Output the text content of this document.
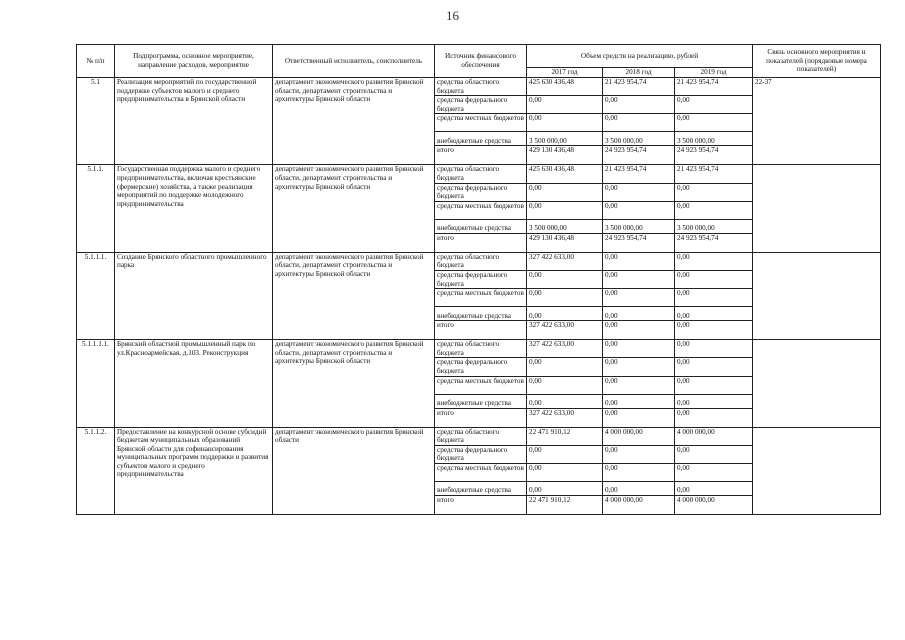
16
№ п/п	Подпрограмма, основное мероприятие, направление расходов, мероприятие	Ответственный исполнитель, соисполнитель	Источник финансового обеспечения	Объем средств на реализацию, рублей			Связь основного мероприятия и показателей (порядковые номера показателей)
				2017 год	2018 год	2019 год	
5.1	Реализация мероприятий по государственной поддержке субъектов малого и среднего предпринимательства в Брянской области	департамент экономического развития Брянской области, департамент строительства и архитектуры Брянской области	средства областного бюджета	425 630 436,48	21 423 954,74	21 423 954,74	22-37
			средства федерального бюджета	0,00	0,00	0,00	
			средства местных бюджетов	0,00	0,00	0,00	
			внебюджетные средства	3 500 000,00	3 500 000,00	3 500 000,00	
			итого	429 130 436,48	24 923 954,74	24 923 954,74	
5.1.1.	Государственная поддержка малого и среднего предпринимательства, включая крестьянские (фермерские) хозяйства, а также реализация мероприятий по поддержке молодежного предпринимательства	департамент экономического развития Брянской области, департамент строительства и архитектуры Брянской области	средства областного бюджета	425 630 436,48	21 423 954,74	21 423 954,74	
			средства федерального бюджета	0,00	0,00	0,00	
			средства местных бюджетов	0,00	0,00	0,00	
			внебюджетные средства	3 500 000,00	3 500 000,00	3 500 000,00	
			итого	429 130 436,48	24 923 954,74	24 923 954,74	
5.1.1.1.	Создание Брянского областного промышленного парка	департамент экономического развития Брянской области, департамент строительства и архитектуры Брянской области	средства областного бюджета	327 422 633,00	0,00	0,00	
			средства федерального бюджета	0,00	0,00	0,00	
			средства местных бюджетов	0,00	0,00	0,00	
			внебюджетные средства	0,00	0,00	0,00	
			итого	327 422 633,00	0,00	0,00	
5.1.1.1.1.	Брянский областной промышленный парк по ул.Красноармейская, д.103. Реконструкция	департамент экономического развития Брянской области, департамент строительства и архитектуры Брянской области	средства областного бюджета	327 422 633,00	0,00	0,00	
			средства федерального бюджета	0,00	0,00	0,00	
			средства местных бюджетов	0,00	0,00	0,00	
			внебюджетные средства	0,00	0,00	0,00	
			итого	327 422 633,00	0,00	0,00	
5.1.1.2.	Предоставление на конкурсной основе субсидий бюджетам муниципальных образований Брянской области для софинансирования муниципальных программ поддержки и развития субъектов малого и среднего предпринимательства	департамент экономического развития Брянской области	средства областного бюджета	22 471 910,12	4 000 000,00	4 000 000,00	
			средства федерального бюджета	0,00	0,00	0,00	
			средства местных бюджетов	0,00	0,00	0,00	
			внебюджетные средства	0,00	0,00	0,00	
			итого	22 471 910,12	4 000 000,00	4 000 000,00	
